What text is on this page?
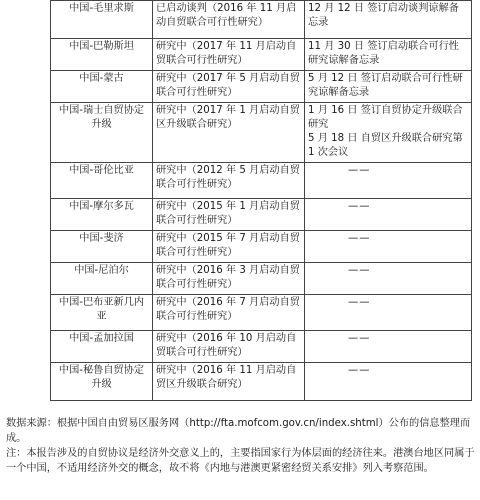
中国-毛里求斯	已启动谈判（2016 年 11 月启动自贸联合可行性研究）	12 月 12 日 签订启动谈判谅解备忘录

中国-巴勒斯坦	研究中（2017 年 11 月启动自贸联合可行性研究）	11 月 30 日 签订启动联合可行性研究谅解备忘录

中国-蒙古	研究中（2017 年 5 月启动自贸联合可行性研究）	5 月 12 日 签订启动联合可行性研究谅解备忘录

中国-瑞士自贸协定升级	研究中（2017 年 1 月启动自贸区升级联合研究）	1 月 16 日 签订自贸协定升级联合研究
5 月 18 日 自贸区升级联合研究第 1 次会议

中国-哥伦比亚	研究中（2012 年 5 月启动自贸联合可行性研究）	——

中国-摩尔多瓦	研究中（2015 年 1 月启动自贸联合可行性研究）	——

中国-斐济	研究中（2015 年 7 月启动自贸联合可行性研究）	——

中国-尼泊尔	研究中（2016 年 3 月启动自贸联合可行性研究）	——

中国-巴布亚新几内亚	研究中（2016 年 7 月启动自贸联合可行性研究）	——

中国-孟加拉国	研究中（2016 年 10 月启动自贸联合可行性研究）	——

中国-秘鲁自贸协定升级	研究中（2016 年 11 月启动自贸区升级联合研究）	——

数据来源：根据中国自由贸易区服务网（http://fta.mofcom.gov.cn/index.shtml）公布的信息整理而成。

注：本报告涉及的自贸协议是经济外交意义上的，主要指国家行为体层面的经济往来。港澳台地区同属于一个中国，不适用经济外交的概念，故不将《内地与港澳更紧密经贸关系安排》列入考察范围。
